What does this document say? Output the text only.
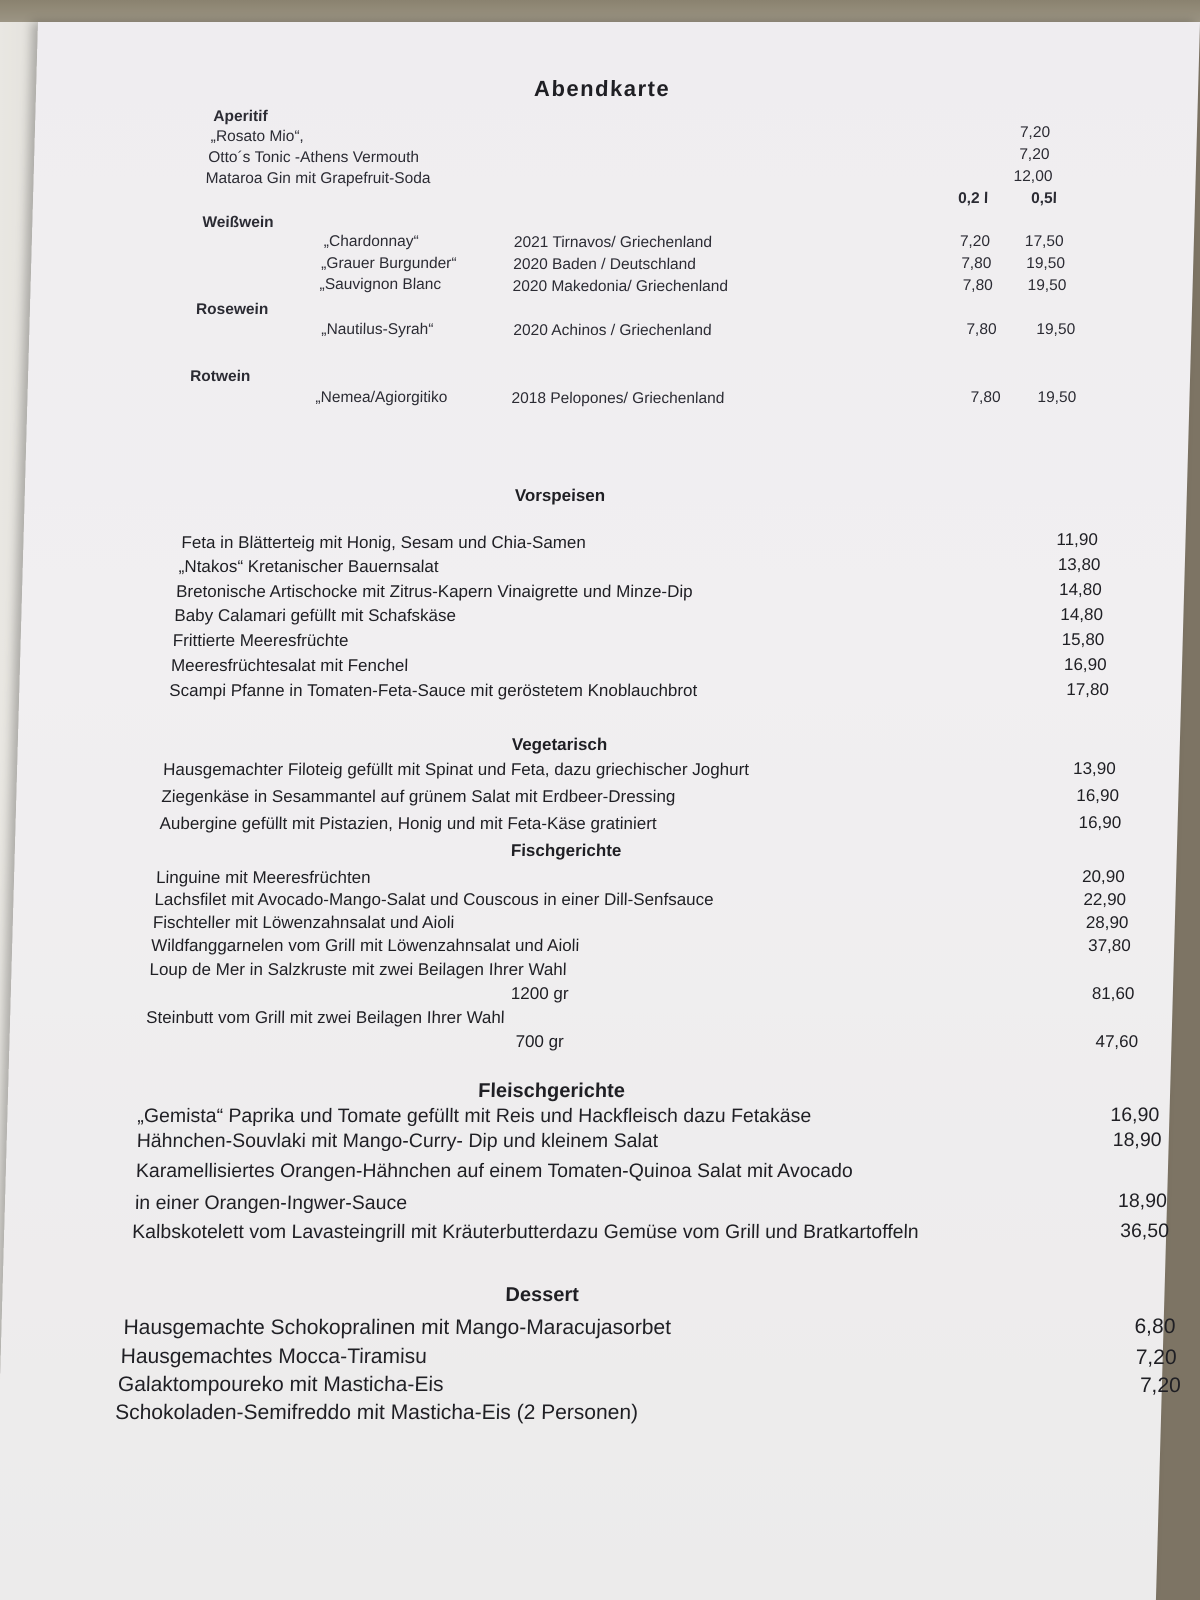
Abendkarte
Aperitif
„Rosato Mio“,	7,20
Otto´s Tonic -Athens Vermouth	7,20
Mataroa Gin mit Grapefruit-Soda	12,00
0,2 l	0,5l
Weißwein
„Chardonnay“	2021 Tirnavos/ Griechenland	7,20 17,50
„Grauer Burgunder“	2020 Baden / Deutschland	7,80 19,50
„Sauvignon Blanc	2020 Makedonia/ Griechenland	7,80 19,50
Rosewein
„Nautilus-Syrah“	2020 Achinos / Griechenland	7,80	19,50
Rotwein
„Nemea/Agiorgitiko	2018 Pelopones/ Griechenland	7,80 19,50
Vorspeisen
Feta in Blätterteig mit Honig, Sesam und Chia-Samen	11,90
„Ntakos“ Kretanischer Bauernsalat	13,80
Bretonische Artischocke mit Zitrus-Kapern Vinaigrette und Minze-Dip	14,80
Baby Calamari gefüllt mit Schafskäse	14,80
Frittierte Meeresfrüchte	15,80
Meeresfrüchtesalat mit Fenchel	16,90
Scampi Pfanne in Tomaten-Feta-Sauce mit geröstetem Knoblauchbrot	17,80
Vegetarisch
Hausgemachter Filoteig gefüllt mit Spinat und Feta, dazu griechischer Joghurt	13,90
Ziegenkäse in Sesammantel auf grünem Salat mit Erdbeer-Dressing	16,90
Aubergine gefüllt mit Pistazien, Honig und mit Feta-Käse gratiniert	16,90
Fischgerichte
Linguine mit Meeresfrüchten	20,90
Lachsfilet mit Avocado-Mango-Salat und Couscous in einer Dill-Senfsauce	22,90
Fischteller mit Löwenzahnsalat und Aioli	28,90
Wildfanggarnelen vom Grill mit Löwenzahnsalat und Aioli	37,80
Loup de Mer in Salzkruste mit zwei Beilagen Ihrer Wahl
1200 gr	81,60
Steinbutt vom Grill mit zwei Beilagen Ihrer Wahl
700 gr	47,60
Fleischgerichte
„Gemista“ Paprika und Tomate gefüllt mit Reis und Hackfleisch dazu Fetakäse	16,90
Hähnchen-Souvlaki mit Mango-Curry- Dip und kleinem Salat	18,90
Karamellisiertes Orangen-Hähnchen auf einem Tomaten-Quinoa Salat mit Avocado
in einer Orangen-Ingwer-Sauce	18,90
Kalbskotelett vom Lavasteingrill mit Kräuterbutterdazu Gemüse vom Grill und Bratkartoffeln	36,50
Dessert
Hausgemachte Schokopralinen mit Mango-Maracujasorbet	6,80
Hausgemachtes Mocca-Tiramisu	7,20
Galaktompoureko mit Masticha-Eis	7,20
Schokoladen-Semifreddo mit Masticha-Eis (2 Personen)
